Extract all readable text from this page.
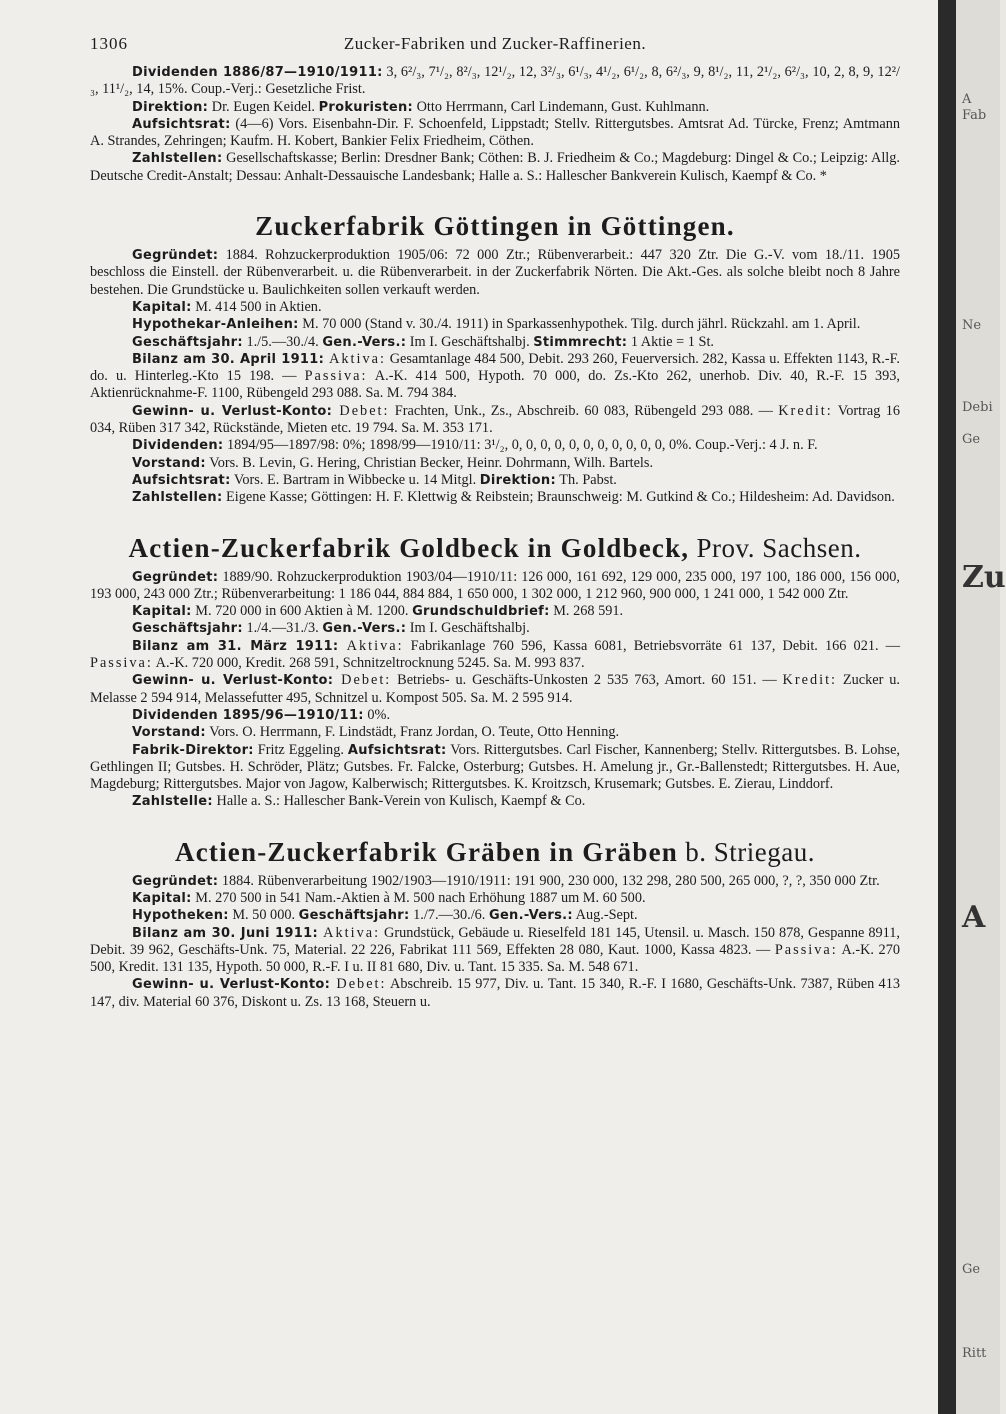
1306	Zucker-Fabriken und Zucker-Raffinerien.

Dividenden 1886/87—1910/1911: 3, 6²/₃, 7¹/₂, 8²/₃, 12¹/₂, 12, 3²/₃, 6¹/₃, 4¹/₂, 6¹/₂, 8, 6²/₃, 9, 8¹/₂, 11, 2¹/₂, 6²/₃, 10, 2, 8, 9, 12²/₃, 11¹/₂, 14, 15%. Coup.-Verj.: Gesetzliche Frist.

Direktion: Dr. Eugen Keidel. Prokuristen: Otto Herrmann, Carl Lindemann, Gust. Kuhlmann.

Aufsichtsrat: (4—6) Vors. Eisenbahn-Dir. F. Schoenfeld, Lippstadt; Stellv. Rittergutsbes. Amtsrat Ad. Türcke, Frenz; Amtmann A. Strandes, Zehringen; Kaufm. H. Kobert, Bankier Felix Friedheim, Cöthen.

Zahlstellen: Gesellschaftskasse; Berlin: Dresdner Bank; Cöthen: B. J. Friedheim & Co.; Magdeburg: Dingel & Co.; Leipzig: Allg. Deutsche Credit-Anstalt; Dessau: Anhalt-Dessauische Landesbank; Halle a. S.: Hallescher Bankverein Kulisch, Kaempf & Co. *

Zuckerfabrik Göttingen in Göttingen.

Gegründet: 1884. Rohzuckerproduktion 1905/06: 72 000 Ztr.; Rübenverarbeit.: 447 320 Ztr. Die G.-V. vom 18./11. 1905 beschloss die Einstell. der Rübenverarbeit. u. die Rübenverarbeit. in der Zuckerfabrik Nörten. Die Akt.-Ges. als solche bleibt noch 8 Jahre bestehen. Die Grundstücke u. Baulichkeiten sollen verkauft werden.

Kapital: M. 414 500 in Aktien.

Hypothekar-Anleihen: M. 70 000 (Stand v. 30./4. 1911) in Sparkassenhypothek. Tilg. durch jährl. Rückzahl. am 1. April.

Geschäftsjahr: 1./5.—30./4. Gen.-Vers.: Im I. Geschäftshalbj. Stimmrecht: 1 Aktie = 1 St.

Bilanz am 30. April 1911: Aktiva: Gesamtanlage 484 500, Debit. 293 260, Feuerversich. 282, Kassa u. Effekten 1143, R.-F. do. u. Hinterleg.-Kto 15 198. — Passiva: A.-K. 414 500, Hypoth. 70 000, do. Zs.-Kto 262, unerhob. Div. 40, R.-F. 15 393, Aktienrücknahme-F. 1100, Rübengeld 293 088. Sa. M. 794 384.

Gewinn- u. Verlust-Konto: Debet: Frachten, Unk., Zs., Abschreib. 60 083, Rübengeld 293 088. — Kredit: Vortrag 16 034, Rüben 317 342, Rückstände, Mieten etc. 19 794. Sa. M. 353 171.

Dividenden: 1894/95—1897/98: 0%; 1898/99—1910/11: 3¹/₂, 0, 0, 0, 0, 0, 0, 0, 0, 0, 0, 0, 0%. Coup.-Verj.: 4 J. n. F.

Vorstand: Vors. B. Levin, G. Hering, Christian Becker, Heinr. Dohrmann, Wilh. Bartels.

Aufsichtsrat: Vors. E. Bartram in Wibbecke u. 14 Mitgl. Direktion: Th. Pabst.

Zahlstellen: Eigene Kasse; Göttingen: H. F. Klettwig & Reibstein; Braunschweig: M. Gutkind & Co.; Hildesheim: Ad. Davidson.

Actien-Zuckerfabrik Goldbeck in Goldbeck, Prov. Sachsen.

Gegründet: 1889/90. Rohzuckerproduktion 1903/04—1910/11: 126 000, 161 692, 129 000, 235 000, 197 100, 186 000, 156 000, 193 000, 243 000 Ztr.; Rübenverarbeitung: 1 186 044, 884 884, 1 650 000, 1 302 000, 1 212 960, 900 000, 1 241 000, 1 542 000 Ztr.

Kapital: M. 720 000 in 600 Aktien à M. 1200. Grundschuldbrief: M. 268 591.

Geschäftsjahr: 1./4.—31./3. Gen.-Vers.: Im I. Geschäftshalbj.

Bilanz am 31. März 1911: Aktiva: Fabrikanlage 760 596, Kassa 6081, Betriebsvorräte 61 137, Debit. 166 021. — Passiva: A.-K. 720 000, Kredit. 268 591, Schnitzeltrocknung 5245. Sa. M. 993 837.

Gewinn- u. Verlust-Konto: Debet: Betriebs- u. Geschäfts-Unkosten 2 535 763, Amort. 60 151. — Kredit: Zucker u. Melasse 2 594 914, Melassefutter 495, Schnitzel u. Kompost 505. Sa. M. 2 595 914.

Dividenden 1895/96—1910/11: 0%.

Vorstand: Vors. O. Herrmann, F. Lindstädt, Franz Jordan, O. Teute, Otto Henning.

Fabrik-Direktor: Fritz Eggeling. Aufsichtsrat: Vors. Rittergutsbes. Carl Fischer, Kannenberg; Stellv. Rittergutsbes. B. Lohse, Gethlingen II; Gutsbes. H. Schröder, Plätz; Gutsbes. Fr. Falcke, Osterburg; Gutsbes. H. Amelung jr., Gr.-Ballenstedt; Rittergutsbes. H. Aue, Magdeburg; Rittergutsbes. Major von Jagow, Kalberwisch; Rittergutsbes. K. Kroitzsch, Krusemark; Gutsbes. E. Zierau, Linddorf.

Zahlstelle: Halle a. S.: Hallescher Bank-Verein von Kulisch, Kaempf & Co.

Actien-Zuckerfabrik Gräben in Gräben b. Striegau.

Gegründet: 1884. Rübenverarbeitung 1902/1903—1910/1911: 191 900, 230 000, 132 298, 280 500, 265 000, ?, ?, 350 000 Ztr.

Kapital: M. 270 500 in 541 Nam.-Aktien à M. 500 nach Erhöhung 1887 um M. 60 500.

Hypotheken: M. 50 000. Geschäftsjahr: 1./7.—30./6. Gen.-Vers.: Aug.-Sept.

Bilanz am 30. Juni 1911: Aktiva: Grundstück, Gebäude u. Rieselfeld 181 145, Utensil. u. Masch. 150 878, Gespanne 8911, Debit. 39 962, Geschäfts-Unk. 75, Material. 22 226, Fabrikat 111 569, Effekten 28 080, Kaut. 1000, Kassa 4823. — Passiva: A.-K. 270 500, Kredit. 131 135, Hypoth. 50 000, R.-F. I u. II 81 680, Div. u. Tant. 15 335. Sa. M. 548 671.

Gewinn- u. Verlust-Konto: Debet: Abschreib. 15 977, Div. u. Tant. 15 340, R.-F. I 1680, Geschäfts-Unk. 7387, Rüben 413 147, div. Material 60 376, Diskont u. Zs. 13 168, Steuern u.

A
Fab
Ne
Debi
Ge
Zu
A
Ge
Ritt
